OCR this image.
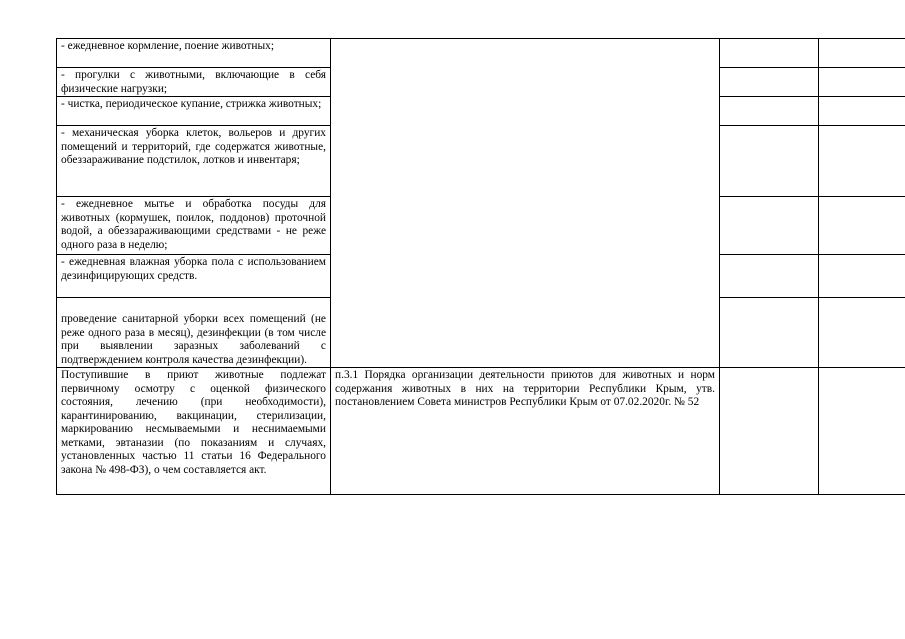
- ежедневное кормление, поение животных;			
- прогулки с животными, включающие в себя физические нагрузки;			
- чистка, периодическое купание, стрижка животных;			
- механическая уборка клеток, вольеров и других помещений и территорий, где содержатся животные, обеззараживание подстилок, лотков и инвентаря;			
- ежедневное мытье и обработка посуды для животных (кормушек, поилок, поддонов) проточной водой, а обеззараживающими средствами - не реже одного раза в неделю;			
- ежедневная влажная уборка пола с использованием дезинфицирующих средств.			
проведение санитарной уборки всех помещений (не реже одного раза в месяц), дезинфекции (в том числе при выявлении заразных заболеваний с подтверждением контроля качества дезинфекции).			
Поступившие в приют животные подлежат первичному осмотру с оценкой физического состояния, лечению (при необходимости), карантинированию, вакцинации, стерилизации, маркированию несмываемыми и неснимаемыми метками, эвтаназии (по показаниям и случаях, установленных частью 11 статьи 16 Федерального закона № 498-ФЗ), о чем составляется акт.	п.3.1 Порядка организации деятельности приютов для животных и норм содержания животных в них на территории Республики Крым, утв. постановлением Совета министров Республики Крым от 07.02.2020г. № 52		
